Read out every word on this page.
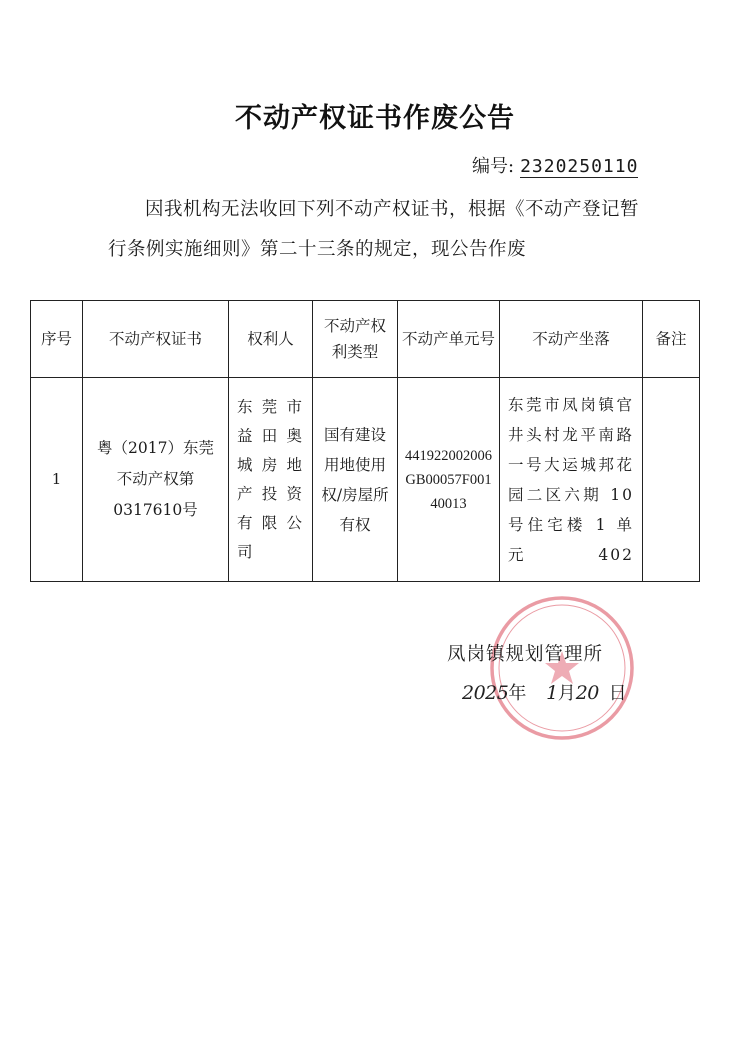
不动产权证书作废公告
编号: 2320250110
因我机构无法收回下列不动产权证书，根据《不动产登记暂行条例实施细则》第二十三条的规定，现公告作废
序号	不动产权证书	权利人	不动产权利类型	不动产单元号	不动产坐落	备注
1	粤（2017）东莞不动产权第0317610号	东莞市益田奥城房地产投资有限公司	国有建设用地使用权/房屋所有权	441922002006GB00057F00140013	东莞市凤岗镇官井头村龙平南路一号大运城邦花园二区六期 10号住宅楼 1 单元 402	
凤岗镇规划管理所
2025年 1月20 日
